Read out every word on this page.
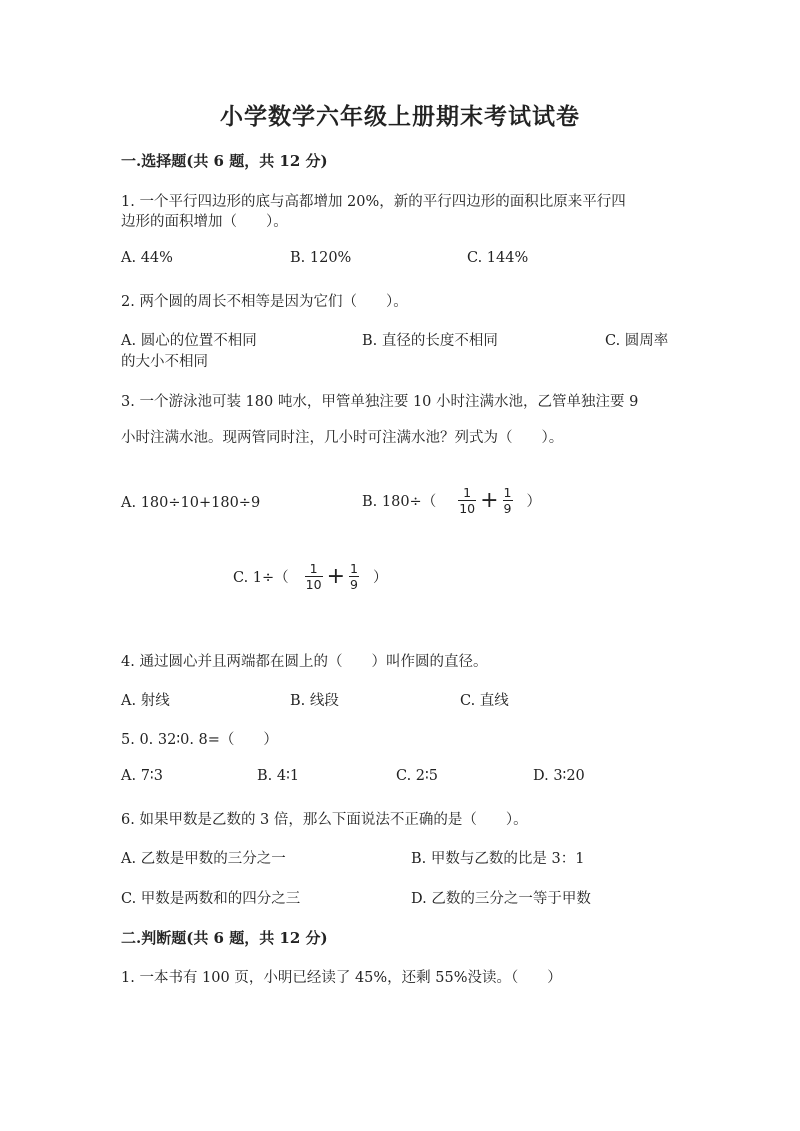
小学数学六年级上册期末考试试卷
一.选择题(共 6 题，共 12 分)
1. 一个平行四边形的底与高都增加 20%，新的平行四边形的面积比原来平行四
边形的面积增加（　　）。
A. 44%	B. 120%	C. 144%
2. 两个圆的周长不相等是因为它们（　　）。
A. 圆心的位置不相同	B. 直径的长度不相同	C. 圆周率
的大小不相同
3. 一个游泳池可装 180 吨水，甲管单独注要 10 小时注满水池，乙管单独注要 9
小时注满水池。现两管同时注，几小时可注满水池？列式为（　　）。
A. 180÷10+180÷9	B. $180\div( \frac{1}{10} + \frac{1}{9}$ ）
C. $1\div( \frac{1}{10} + \frac{1}{9}$ ）
4. 通过圆心并且两端都在圆上的（　　）叫作圆的直径。
A. 射线	B. 线段	C. 直线
5. 0. 32∶0. 8=（　　）
A. 7∶3	B. 4∶1	C. 2∶5	D. 3∶20
6. 如果甲数是乙数的 3 倍，那么下面说法不正确的是（　　）。
A. 乙数是甲数的三分之一	B. 甲数与乙数的比是 3：1
C. 甲数是两数和的四分之三	D. 乙数的三分之一等于甲数
二.判断题(共 6 题，共 12 分)
1. 一本书有 100 页，小明已经读了 45%，还剩 55%没读。（　　）
